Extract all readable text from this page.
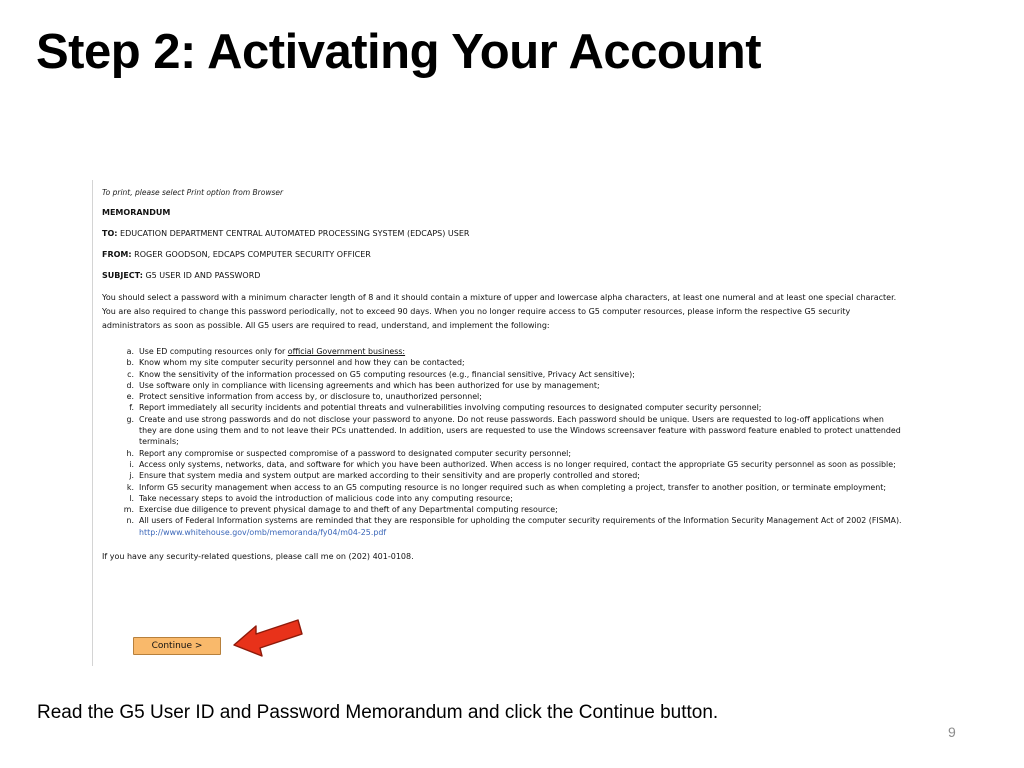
Step 2: Activating Your Account
To print, please select Print option from Browser
MEMORANDUM
TO: EDUCATION DEPARTMENT CENTRAL AUTOMATED PROCESSING SYSTEM (EDCAPS) USER
FROM: ROGER GOODSON, EDCAPS COMPUTER SECURITY OFFICER
SUBJECT: G5 USER ID AND PASSWORD
You should select a password with a minimum character length of 8 and it should contain a mixture of upper and lowercase alpha characters, at least one numeral and at least one special character. You are also required to change this password periodically, not to exceed 90 days. When you no longer require access to G5 computer resources, please inform the respective G5 security administrators as soon as possible. All G5 users are required to read, understand, and implement the following:
a. Use ED computing resources only for official Government business:
b. Know whom my site computer security personnel and how they can be contacted;
c. Know the sensitivity of the information processed on G5 computing resources (e.g., financial sensitive, Privacy Act sensitive);
d. Use software only in compliance with licensing agreements and which has been authorized for use by management;
e. Protect sensitive information from access by, or disclosure to, unauthorized personnel;
f. Report immediately all security incidents and potential threats and vulnerabilities involving computing resources to designated computer security personnel;
g. Create and use strong passwords and do not disclose your password to anyone. Do not reuse passwords. Each password should be unique. Users are requested to log-off applications when they are done using them and to not leave their PCs unattended. In addition, users are requested to use the Windows screensaver feature with password feature enabled to protect unattended terminals;
h. Report any compromise or suspected compromise of a password to designated computer security personnel;
i. Access only systems, networks, data, and software for which you have been authorized. When access is no longer required, contact the appropriate G5 security personnel as soon as possible;
j. Ensure that system media and system output are marked according to their sensitivity and are properly controlled and stored;
k. Inform G5 security management when access to an G5 computing resource is no longer required such as when completing a project, transfer to another position, or terminate employment;
l. Take necessary steps to avoid the introduction of malicious code into any computing resource;
m. Exercise due diligence to prevent physical damage to and theft of any Departmental computing resource;
n. All users of Federal Information systems are reminded that they are responsible for upholding the computer security requirements of the Information Security Management Act of 2002 (FISMA). http://www.whitehouse.gov/omb/memoranda/fy04/m04-25.pdf
If you have any security-related questions, please call me on (202) 401-0108.
Continue >
Read the G5 User ID and Password Memorandum and click the Continue button.
9
